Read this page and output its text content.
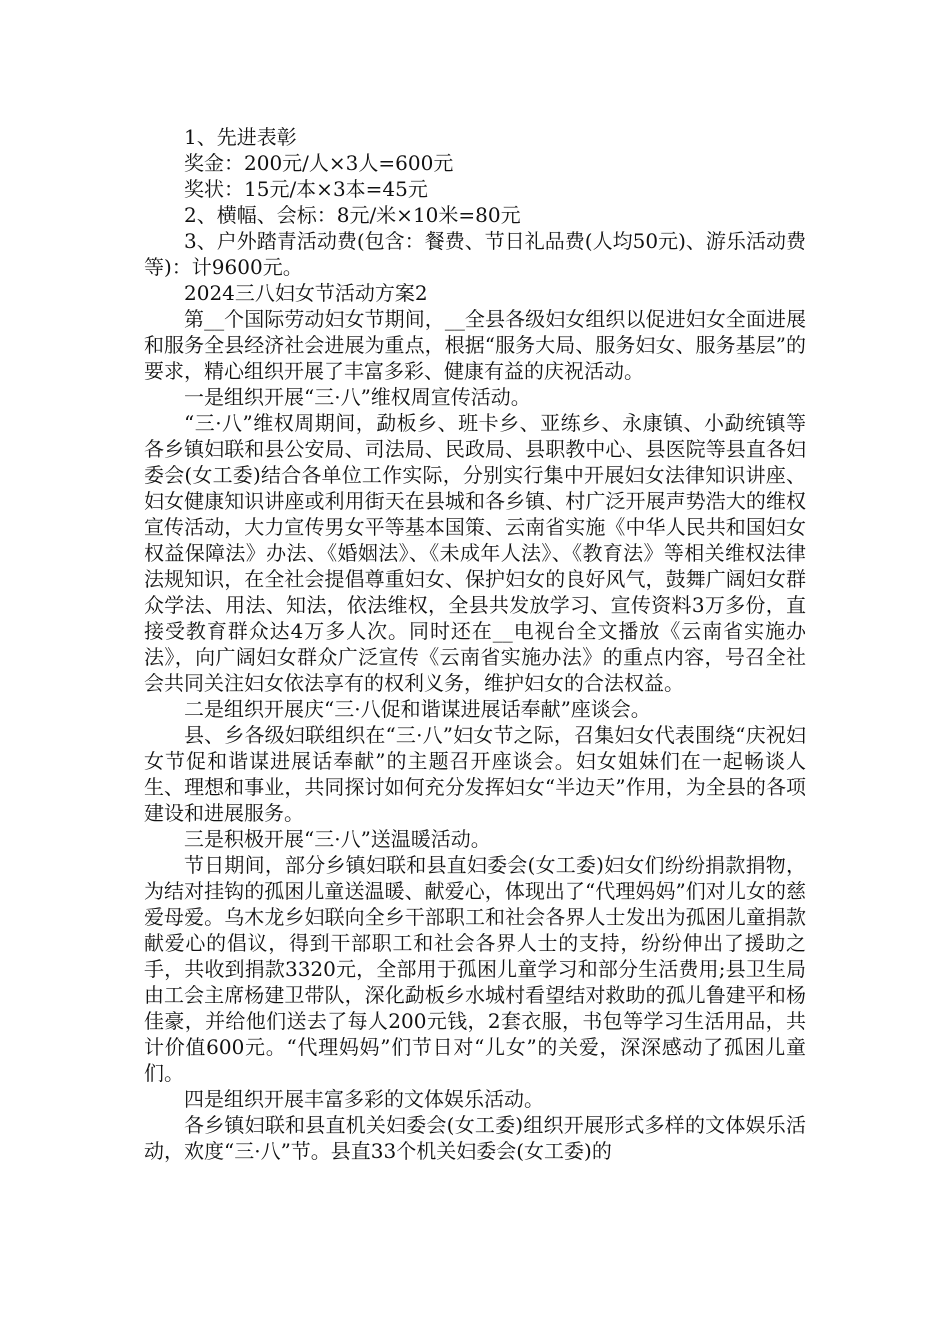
1、先进表彰

奖金：200元/人×3人=600元

奖状：15元/本×3本=45元

2、横幅、会标：8元/米×10米=80元

3、户外踏青活动费(包含：餐费、节日礼品费(人均50元)、游乐活动费等)：计9600元。

2024三八妇女节活动方案2

第__个国际劳动妇女节期间，__全县各级妇女组织以促进妇女全面进展和服务全县经济社会进展为重点，根据“服务大局、服务妇女、服务基层”的要求，精心组织开展了丰富多彩、健康有益的庆祝活动。

一是组织开展“三·八”维权周宣传活动。

“三·八”维权周期间，勐板乡、班卡乡、亚练乡、永康镇、小勐统镇等各乡镇妇联和县公安局、司法局、民政局、县职教中心、县医院等县直各妇委会(女工委)结合各单位工作实际，分别实行集中开展妇女法律知识讲座、妇女健康知识讲座或利用街天在县城和各乡镇、村广泛开展声势浩大的维权宣传活动，大力宣传男女平等基本国策、云南省实施《中华人民共和国妇女权益保障法》办法、《婚姻法》、《未成年人法》、《教育法》等相关维权法律法规知识，在全社会提倡尊重妇女、保护妇女的良好风气，鼓舞广阔妇女群众学法、用法、知法，依法维权，全县共发放学习、宣传资料3万多份，直接受教育群众达4万多人次。同时还在__电视台全文播放《云南省实施办法》，向广阔妇女群众广泛宣传《云南省实施办法》的重点内容，号召全社会共同关注妇女依法享有的权利义务，维护妇女的合法权益。

二是组织开展庆“三·八促和谐谋进展话奉献”座谈会。

县、乡各级妇联组织在“三·八”妇女节之际，召集妇女代表围绕“庆祝妇女节促和谐谋进展话奉献”的主题召开座谈会。妇女姐妹们在一起畅谈人生、理想和事业，共同探讨如何充分发挥妇女“半边天”作用，为全县的各项建设和进展服务。

三是积极开展“三·八”送温暖活动。

节日期间，部分乡镇妇联和县直妇委会(女工委)妇女们纷纷捐款捐物，为结对挂钩的孤困儿童送温暖、献爱心，体现出了“代理妈妈”们对儿女的慈爱母爱。乌木龙乡妇联向全乡干部职工和社会各界人士发出为孤困儿童捐款献爱心的倡议，得到干部职工和社会各界人士的支持，纷纷伸出了援助之手，共收到捐款3320元，全部用于孤困儿童学习和部分生活费用;县卫生局由工会主席杨建卫带队，深化勐板乡水城村看望结对救助的孤儿鲁建平和杨佳豪，并给他们送去了每人200元钱，2套衣服，书包等学习生活用品，共计价值600元。“代理妈妈”们节日对“儿女”的关爱，深深感动了孤困儿童们。

四是组织开展丰富多彩的文体娱乐活动。

各乡镇妇联和县直机关妇委会(女工委)组织开展形式多样的文体娱乐活动，欢度“三·八”节。县直33个机关妇委会(女工委)的
